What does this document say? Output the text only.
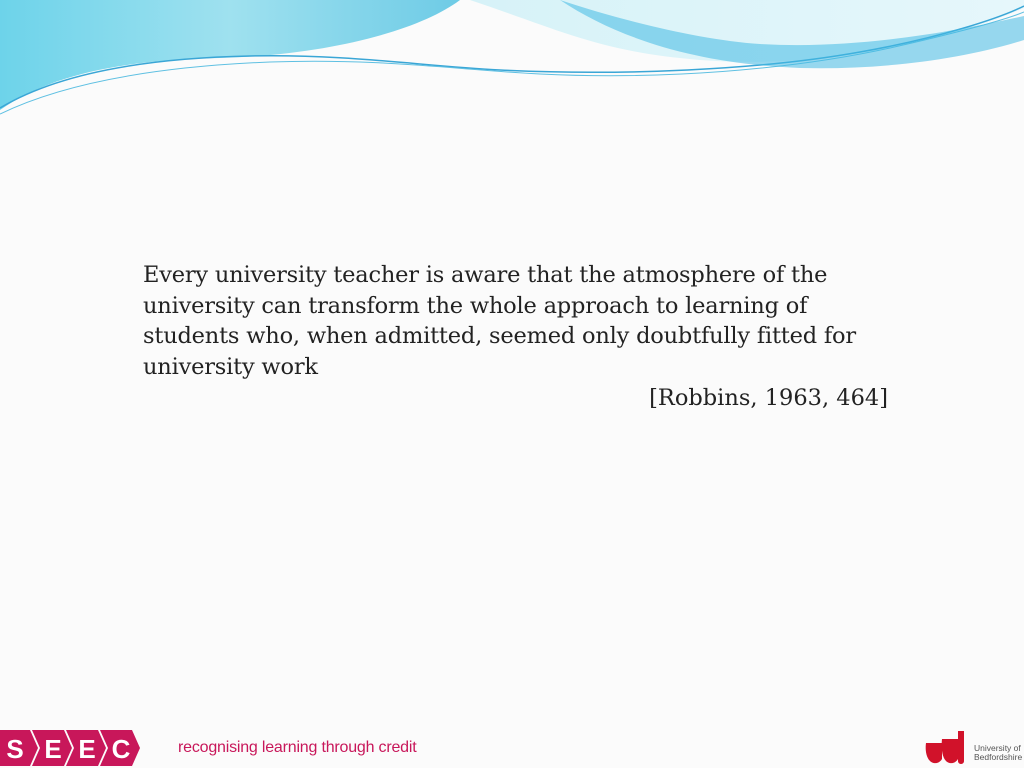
Every university teacher is aware that the atmosphere of the university can transform the whole approach to learning of students who, when admitted, seemed only doubtfully fitted for university work
[Robbins, 1963, 464]
S E E C	recognising learning through credit	University of
Bedfordshire
